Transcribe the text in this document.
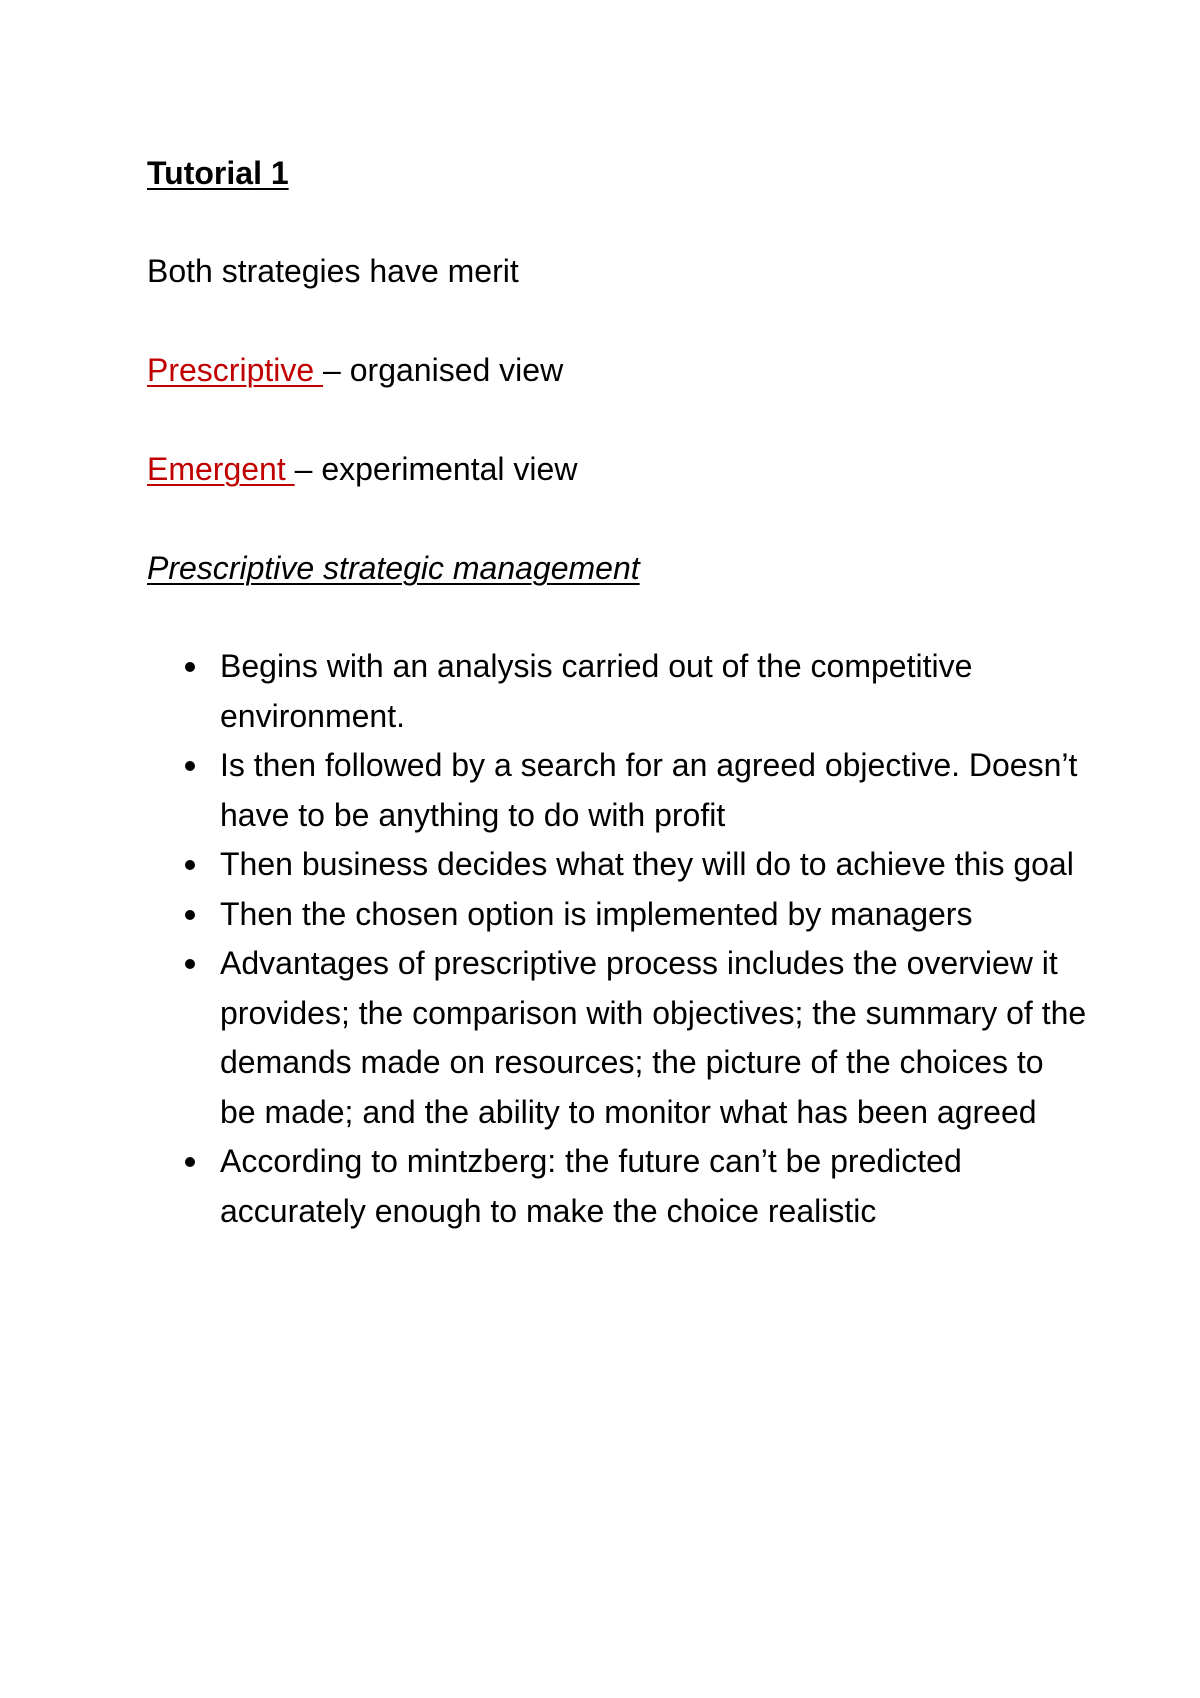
Tutorial 1
Both strategies have merit
Prescriptive – organised view
Emergent – experimental view
Prescriptive strategic management
Begins with an analysis carried out of the competitive environment.
Is then followed by a search for an agreed objective. Doesn’t have to be anything to do with profit
Then business decides what they will do to achieve this goal
Then the chosen option is implemented by managers
Advantages of prescriptive process includes the overview it provides; the comparison with objectives; the summary of the demands made on resources; the picture of the choices to be made; and the ability to monitor what has been agreed
According to mintzberg: the future can’t be predicted accurately enough to make the choice realistic
